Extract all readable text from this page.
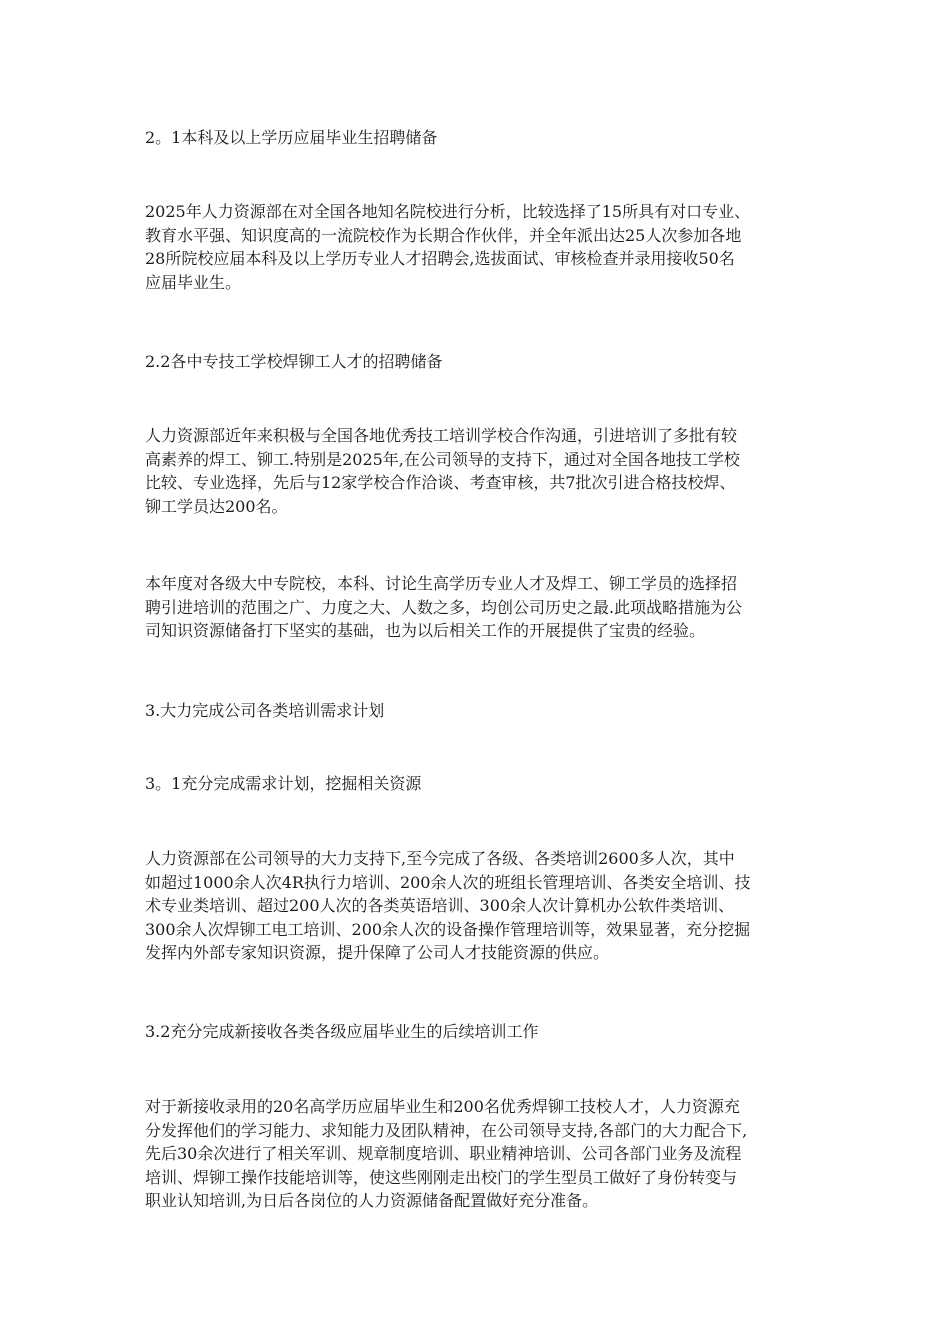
2。1本科及以上学历应届毕业生招聘储备

2025年人力资源部在对全国各地知名院校进行分析，比较选择了15所具有对口专业、
教育水平强、知识度高的一流院校作为长期合作伙伴，并全年派出达25人次参加各地
28所院校应届本科及以上学历专业人才招聘会,选拔面试、审核检查并录用接收50名
应届毕业生。

2.2各中专技工学校焊铆工人才的招聘储备

人力资源部近年来积极与全国各地优秀技工培训学校合作沟通，引进培训了多批有较
高素养的焊工、铆工.特别是2025年,在公司领导的支持下，通过对全国各地技工学校
比较、专业选择，先后与12家学校合作洽谈、考查审核，共7批次引进合格技校焊、
铆工学员达200名。

本年度对各级大中专院校，本科、讨论生高学历专业人才及焊工、铆工学员的选择招
聘引进培训的范围之广、力度之大、人数之多，均创公司历史之最.此项战略措施为公
司知识资源储备打下坚实的基础，也为以后相关工作的开展提供了宝贵的经验。

3.大力完成公司各类培训需求计划

3。1充分完成需求计划，挖掘相关资源

人力资源部在公司领导的大力支持下,至今完成了各级、各类培训2600多人次，其中
如超过1000余人次4R执行力培训、200余人次的班组长管理培训、各类安全培训、技
术专业类培训、超过200人次的各类英语培训、300余人次计算机办公软件类培训、
300余人次焊铆工电工培训、200余人次的设备操作管理培训等，效果显著，充分挖掘
发挥内外部专家知识资源，提升保障了公司人才技能资源的供应。

3.2充分完成新接收各类各级应届毕业生的后续培训工作

对于新接收录用的20名高学历应届毕业生和200名优秀焊铆工技校人才，人力资源充
分发挥他们的学习能力、求知能力及团队精神，在公司领导支持,各部门的大力配合下,
先后30余次进行了相关军训、规章制度培训、职业精神培训、公司各部门业务及流程
培训、焊铆工操作技能培训等，使这些刚刚走出校门的学生型员工做好了身份转变与
职业认知培训,为日后各岗位的人力资源储备配置做好充分准备。
